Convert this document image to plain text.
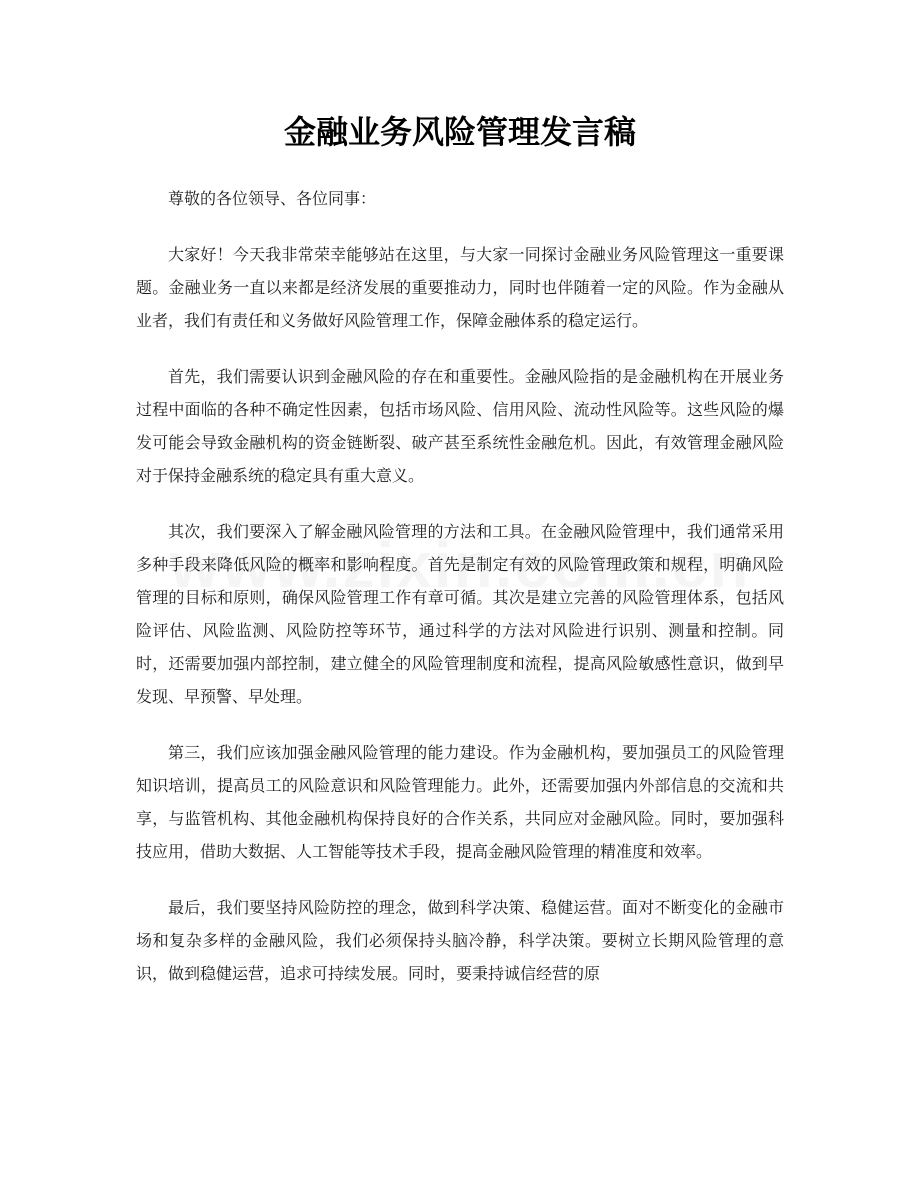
金融业务风险管理发言稿

尊敬的各位领导、各位同事：

大家好！今天我非常荣幸能够站在这里，与大家一同探讨金融业务风险管理这一重要课题。金融业务一直以来都是经济发展的重要推动力，同时也伴随着一定的风险。作为金融从业者，我们有责任和义务做好风险管理工作，保障金融体系的稳定运行。

首先，我们需要认识到金融风险的存在和重要性。金融风险指的是金融机构在开展业务过程中面临的各种不确定性因素，包括市场风险、信用风险、流动性风险等。这些风险的爆发可能会导致金融机构的资金链断裂、破产甚至系统性金融危机。因此，有效管理金融风险对于保持金融系统的稳定具有重大意义。

其次，我们要深入了解金融风险管理的方法和工具。在金融风险管理中，我们通常采用多种手段来降低风险的概率和影响程度。首先是制定有效的风险管理政策和规程，明确风险管理的目标和原则，确保风险管理工作有章可循。其次是建立完善的风险管理体系，包括风险评估、风险监测、风险防控等环节，通过科学的方法对风险进行识别、测量和控制。同时，还需要加强内部控制，建立健全的风险管理制度和流程，提高风险敏感性意识，做到早发现、早预警、早处理。

第三，我们应该加强金融风险管理的能力建设。作为金融机构，要加强员工的风险管理知识培训，提高员工的风险意识和风险管理能力。此外，还需要加强内外部信息的交流和共享，与监管机构、其他金融机构保持良好的合作关系，共同应对金融风险。同时，要加强科技应用，借助大数据、人工智能等技术手段，提高金融风险管理的精准度和效率。

最后，我们要坚持风险防控的理念，做到科学决策、稳健运营。面对不断变化的金融市场和复杂多样的金融风险，我们必须保持头脑冷静，科学决策。要树立长期风险管理的意识，做到稳健运营，追求可持续发展。同时，要秉持诚信经营的原
